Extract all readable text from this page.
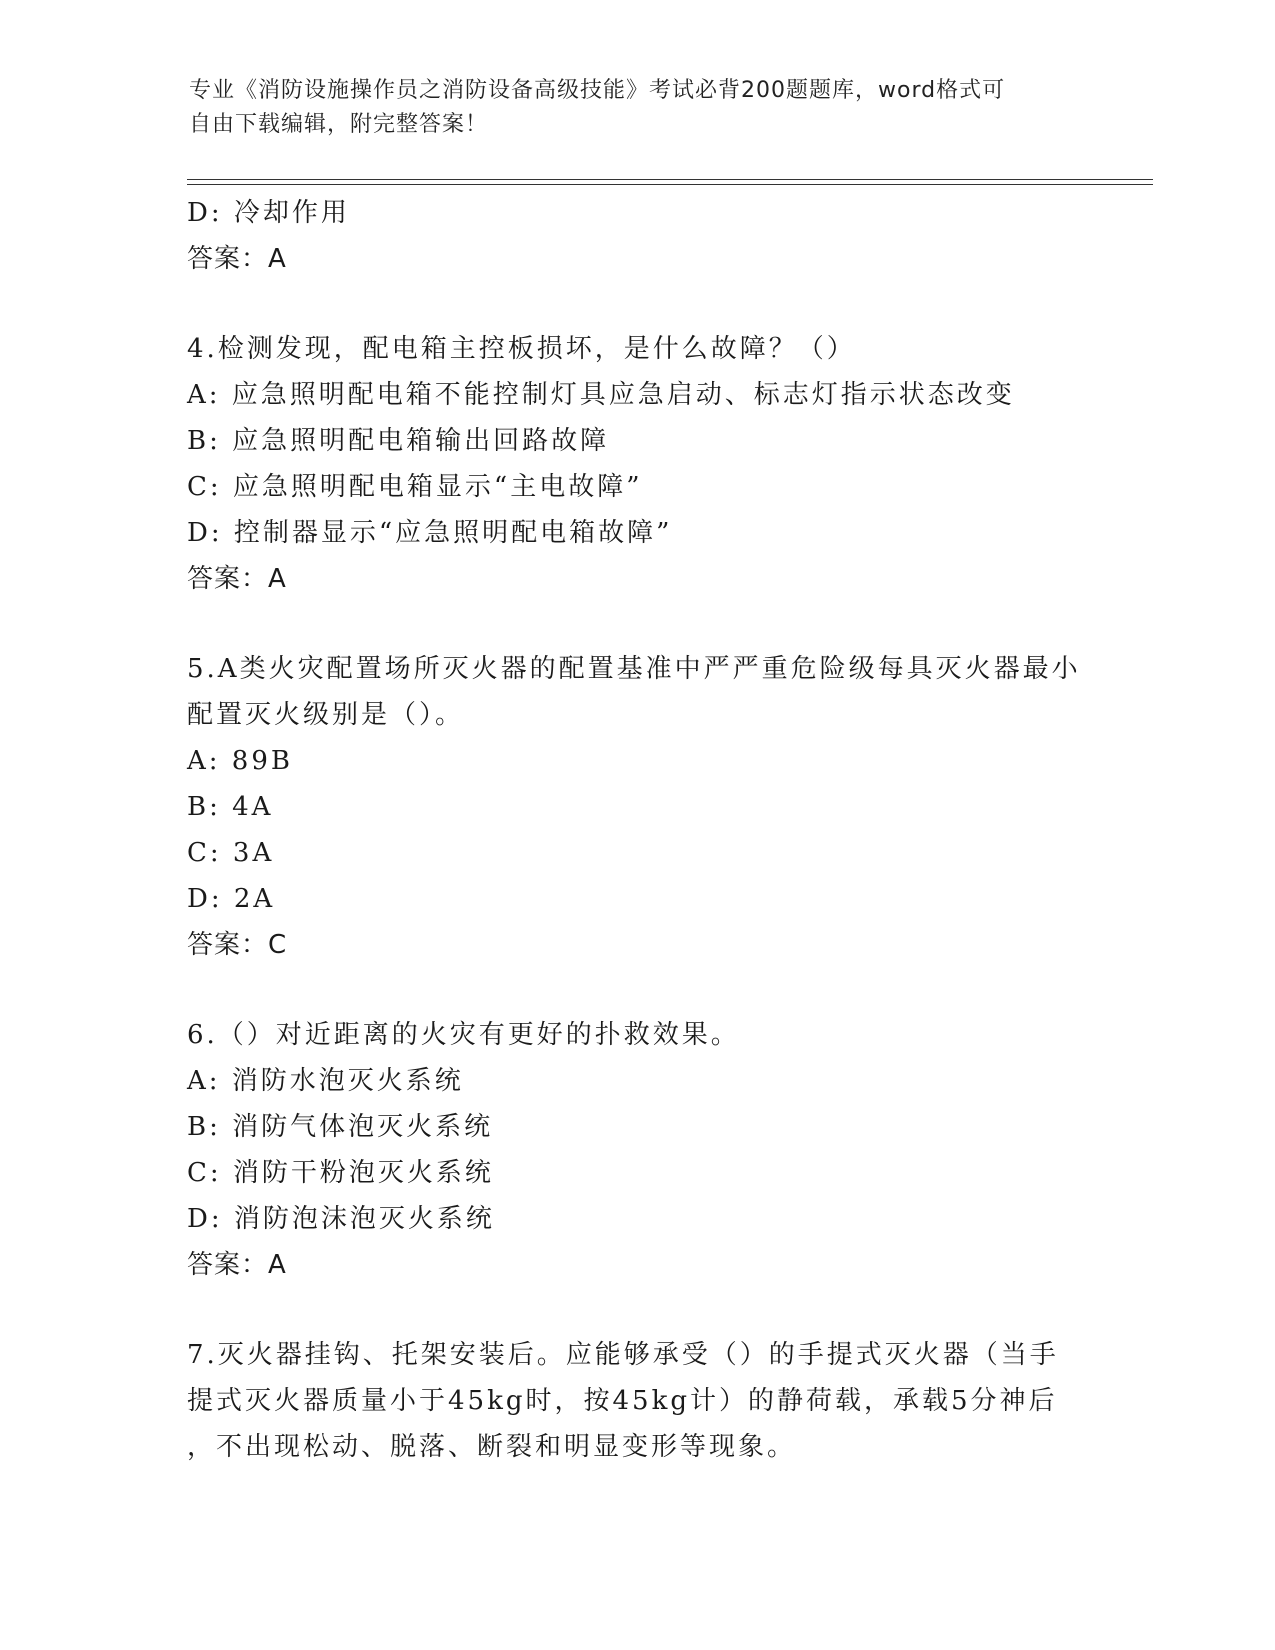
专业《消防设施操作员之消防设备高级技能》考试必背200题题库，word格式可
自由下载编辑，附完整答案！
D: 冷却作用
答案：A
4.检测发现，配电箱主控板损坏，是什么故障？（）
A: 应急照明配电箱不能控制灯具应急启动、标志灯指示状态改变
B: 应急照明配电箱输出回路故障
C: 应急照明配电箱显示“主电故障”
D: 控制器显示“应急照明配电箱故障”
答案：A
5.A类火灾配置场所灭火器的配置基准中严严重危险级每具灭火器最小
配置灭火级别是（）。
A: 89B
B: 4A
C: 3A
D: 2A
答案：C
6.（）对近距离的火灾有更好的扑救效果。
A: 消防水泡灭火系统
B: 消防气体泡灭火系统
C: 消防干粉泡灭火系统
D: 消防泡沫泡灭火系统
答案：A
7.灭火器挂钩、托架安装后。应能够承受（）的手提式灭火器（当手
提式灭火器质量小于45kg时，按45kg计）的静荷载，承载5分神后
，不出现松动、脱落、断裂和明显变形等现象。
